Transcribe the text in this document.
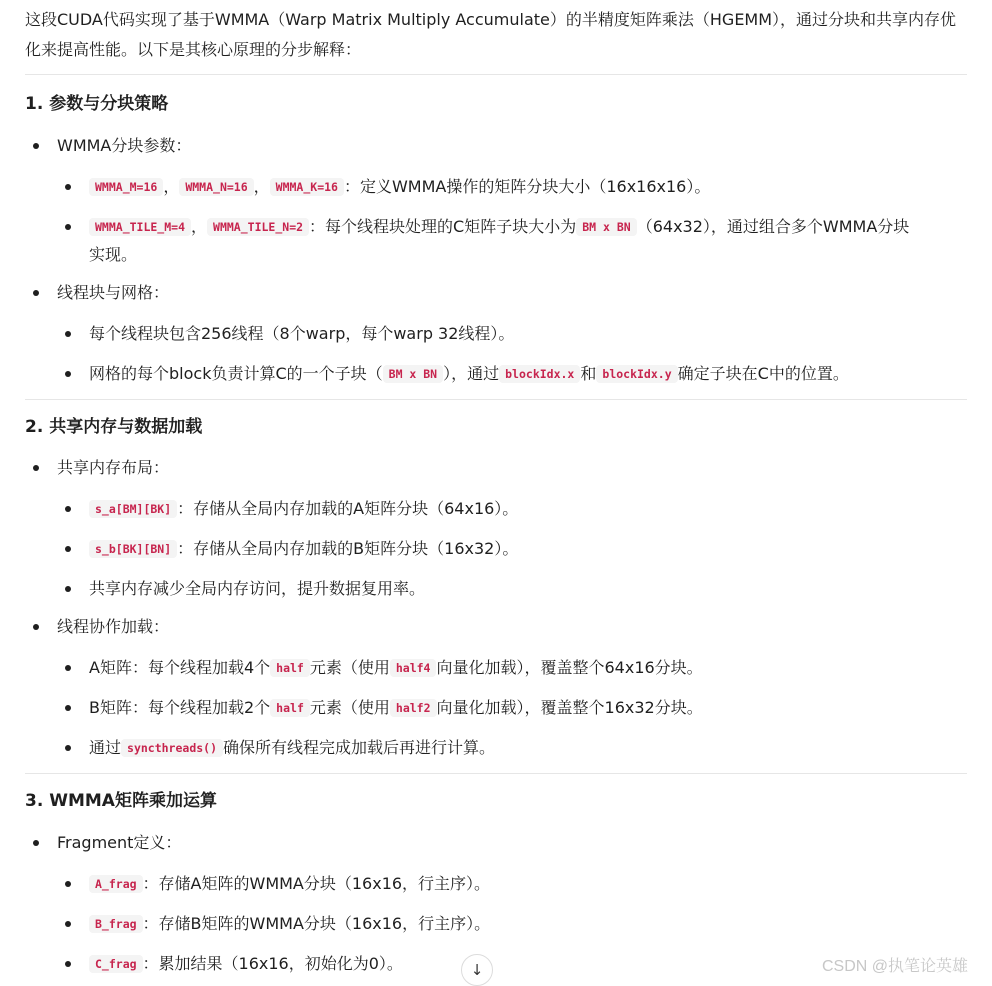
这段CUDA代码实现了基于WMMA（Warp Matrix Multiply Accumulate）的半精度矩阵乘法（HGEMM），通过分块和共享内存优化来提高性能。以下是其核心原理的分步解释：

1. 参数与分块策略
WMMA分块参数：
WMMA_M=16 ， WMMA_N=16 ， WMMA_K=16 ：定义WMMA操作的矩阵分块大小（16x16x16）。
WMMA_TILE_M=4 ， WMMA_TILE_N=2 ：每个线程块处理的C矩阵子块大小为 BM x BN （64x32），通过组合多个WMMA分块
实现。
线程块与网格：
每个线程块包含256线程（8个warp，每个warp 32线程）。
网格的每个block负责计算C的一个子块（ BM x BN ），通过 blockIdx.x 和 blockIdx.y 确定子块在C中的位置。
2. 共享内存与数据加载
共享内存布局：
s_a[BM][BK] ：存储从全局内存加载的A矩阵分块（64x16）。
s_b[BK][BN] ：存储从全局内存加载的B矩阵分块（16x32）。
共享内存减少全局内存访问，提升数据复用率。
线程协作加载：
A矩阵：每个线程加载4个 half 元素（使用 half4 向量化加载），覆盖整个64x16分块。
B矩阵：每个线程加载2个 half 元素（使用 half2 向量化加载），覆盖整个16x32分块。
通过 syncthreads() 确保所有线程完成加载后再进行计算。
3. WMMA矩阵乘加运算
Fragment定义：
A_frag ：存储A矩阵的WMMA分块（16x16，行主序）。
B_frag ：存储B矩阵的WMMA分块（16x16，行主序）。
C_frag ：累加结果（16x16，初始化为0）。	↓	CSDN @执笔论英雄
